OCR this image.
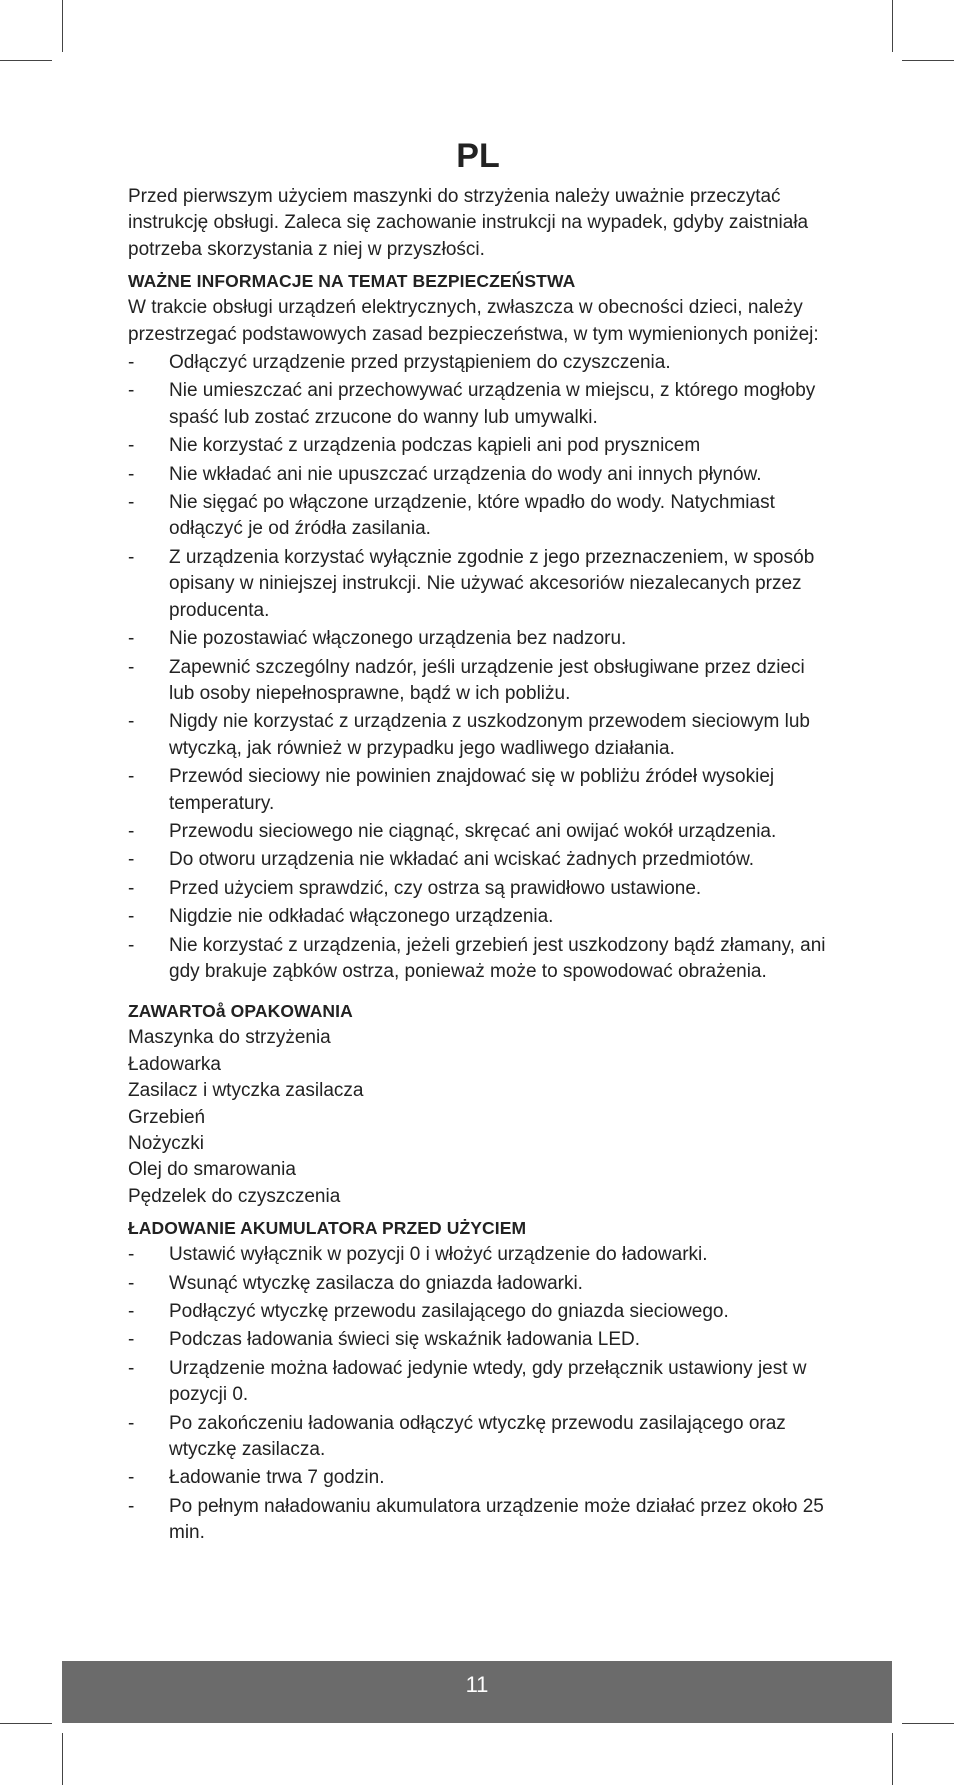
PL

Przed pierwszym użyciem maszynki do strzyżenia należy uważnie przeczytać instrukcję obsługi. Zaleca się zachowanie instrukcji na wypadek, gdyby zaistniała potrzeba skorzystania z niej w przyszłości.

WAŻNE INFORMACJE NA TEMAT BEZPIECZEŃSTWA

W trakcie obsługi urządzeń elektrycznych, zwłaszcza w obecności dzieci, należy przestrzegać podstawowych zasad bezpieczeństwa, w tym wymienionych poniżej:

- Odłączyć urządzenie przed przystąpieniem do czyszczenia.
- Nie umieszczać ani przechowywać urządzenia w miejscu, z którego mogłoby spaść lub zostać zrzucone do wanny lub umywalki.
- Nie korzystać z urządzenia podczas kąpieli ani pod prysznicem
- Nie wkładać ani nie upuszczać urządzenia do wody ani innych płynów.
- Nie sięgać po włączone urządzenie, które wpadło do wody. Natychmiast odłączyć je od źródła zasilania.
- Z urządzenia korzystać wyłącznie zgodnie z jego przeznaczeniem, w sposób opisany w niniejszej instrukcji. Nie używać akcesoriów niezalecanych przez producenta.
- Nie pozostawiać włączonego urządzenia bez nadzoru.
- Zapewnić szczególny nadzór, jeśli urządzenie jest obsługiwane przez dzieci lub osoby niepełnosprawne, bądź w ich pobliżu.
- Nigdy nie korzystać z urządzenia z uszkodzonym przewodem sieciowym lub wtyczką, jak również w przypadku jego wadliwego działania.
- Przewód sieciowy nie powinien znajdować się w pobliżu źródeł wysokiej temperatury.
- Przewodu sieciowego nie ciągnąć, skręcać ani owijać wokół urządzenia.
- Do otworu urządzenia nie wkładać ani wciskać żadnych przedmiotów.
- Przed użyciem sprawdzić, czy ostrza są prawidłowo ustawione.
- Nigdzie nie odkładać włączonego urządzenia.
- Nie korzystać z urządzenia, jeżeli grzebień jest uszkodzony bądź złamany, ani gdy brakuje ząbków ostrza, ponieważ może to spowodować obrażenia.
ZAWARTOå OPAKOWANIA
Maszynka do strzyżenia
Ładowarka
Zasilacz i wtyczka zasilacza
Grzebień
Nożyczki
Olej do smarowania
Pędzelek do czyszczenia
ŁADOWANIE AKUMULATORA PRZED UŻYCIEM
- Ustawić wyłącznik w pozycji 0 i włożyć urządzenie do ładowarki.
- Wsunąć wtyczkę zasilacza do gniazda ładowarki.
- Podłączyć wtyczkę przewodu zasilającego do gniazda sieciowego.
- Podczas ładowania świeci się wskaźnik ładowania LED.
- Urządzenie można ładować jedynie wtedy, gdy przełącznik ustawiony jest w pozycji 0.
- Po zakończeniu ładowania odłączyć wtyczkę przewodu zasilającego oraz wtyczkę zasilacza.
- Ładowanie trwa 7 godzin.
- Po pełnym naładowaniu akumulatora urządzenie może działać przez około 25 min.
11
